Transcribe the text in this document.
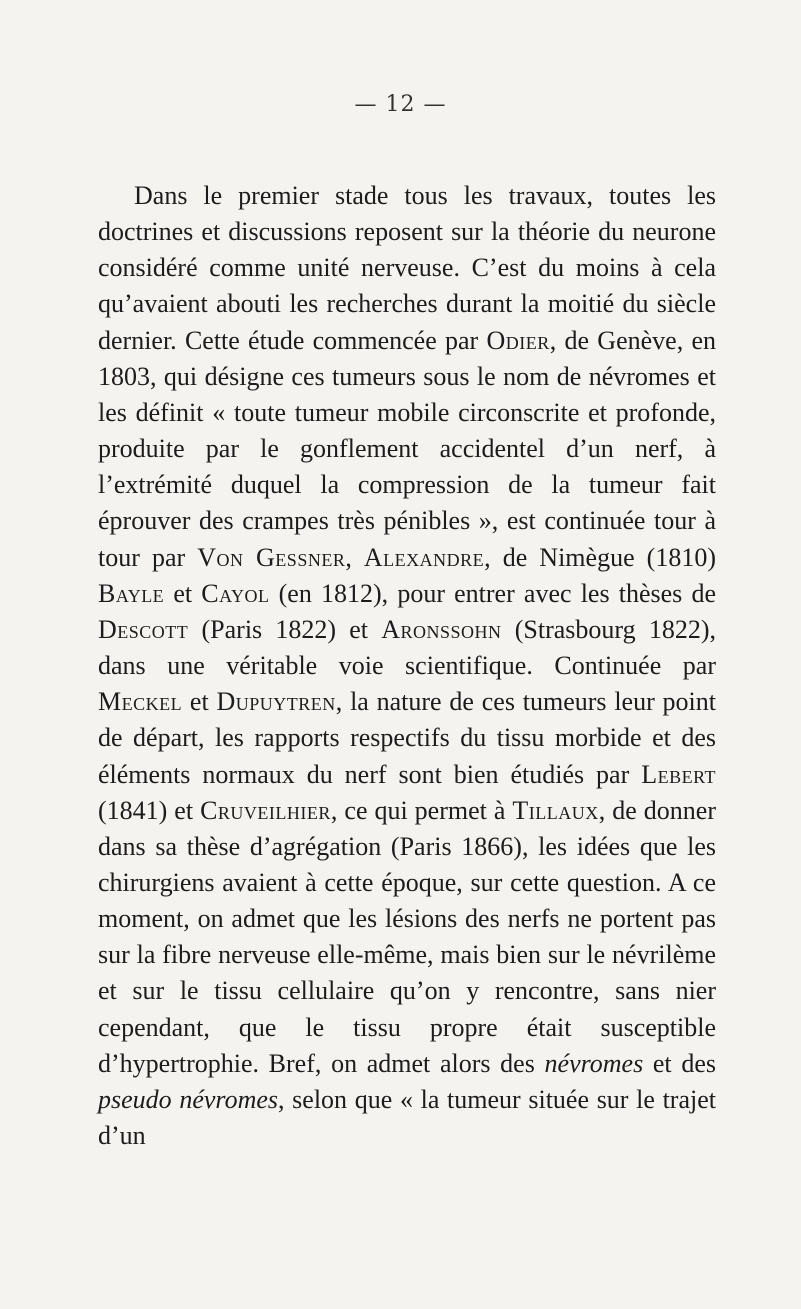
— 12 —

Dans le premier stade tous les travaux, toutes les doctrines et discussions reposent sur la théorie du neurone considéré comme unité nerveuse. C’est du moins à cela qu’avaient abouti les recherches durant la moitié du siècle dernier. Cette étude commencée par Odier, de Genève, en 1803, qui désigne ces tumeurs sous le nom de névromes et les définit « toute tumeur mobile circonscrite et profonde, produite par le gonflement accidentel d’un nerf, à l’extrémité duquel la compression de la tumeur fait éprouver des crampes très pénibles », est continuée tour à tour par Von Gessner, Alexandre, de Nimègue (1810) Bayle et Cayol (en 1812), pour entrer avec les thèses de Descott (Paris 1822) et Aronssohn (Strasbourg 1822), dans une véritable voie scientifique. Continuée par Meckel et Dupuytren, la nature de ces tumeurs leur point de départ, les rapports respectifs du tissu morbide et des éléments normaux du nerf sont bien étudiés par Lebert (1841) et Cruveilhier, ce qui permet à Tillaux, de donner dans sa thèse d’agrégation (Paris 1866), les idées que les chirurgiens avaient à cette époque, sur cette question. A ce moment, on admet que les lésions des nerfs ne portent pas sur la fibre nerveuse elle-même, mais bien sur le névrilème et sur le tissu cellulaire qu’on y rencontre, sans nier cependant, que le tissu propre était susceptible d’hypertrophie. Bref, on admet alors des névromes et des pseudo névromes, selon que « la tumeur située sur le trajet d’un
